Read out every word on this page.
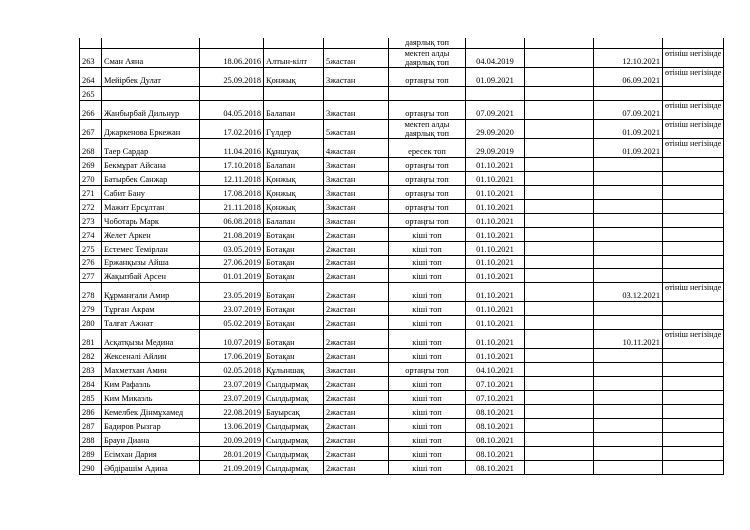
					даярлық топ				
263	Сман Аяна	18.06.2016	Алтын-кілт	5жастан	мектеп алды даярлық топ	04.04.2019		12.10.2021	өтініш негізінде
264	Мейірбек Дулат	25.09.2018	Қонжық	3жастан	ортаңғы топ	01.09.2021		06.09.2021	өтініш негізінде
265									
266	Жанбырбай Дильнур	04.05.2018	Балапан	3жастан	ортаңғы топ	07.09.2021		07.09.2021	өтініш негізінде
267	Джаркенова Еркежан	17.02.2016	Гүлдер	5жастан	мектеп алды даярлық топ	29.09.2020		01.09.2021	өтініш негізінде
268	Таер Сардар	11.04.2016	Құншуақ	4жастан	ересек топ	29.09.2019		01.09.2021	өтініш негізінде
269	Бекмұрат Айсана	17.10.2018	Балапан	3жастан	ортаңғы топ	01.10.2021			
270	Батырбек Санжар	12.11.2018	Қонжық	3жастан	ортаңғы топ	01.10.2021			
271	Сабит Бану	17.08.2018	Қонжық	3жастан	ортаңғы топ	01.10.2021			
272	Мажит Ерсұлтан	21.11.2018	Қонжық	3жастан	ортаңғы топ	01.10.2021			
273	Чоботарь Марк	06.08.2018	Балапан	3жастан	ортаңғы топ	01.10.2021			
274	Желет Аркен	21.08.2019	Ботақан	2жастан	кіші топ	01.10.2021			
275	Естемес Темірлан	03.05.2019	Ботақан	2жастан	кіші топ	01.10.2021			
276	Ержанқызы Айша	27.06.2019	Ботақан	2жастан	кіші топ	01.10.2021			
277	Жақыпбай Арсен	01.01.2019	Ботақан	2жастан	кіші топ	01.10.2021			
278	Құрманғали Амир	23.05.2019	Ботақан	2жастан	кіші топ	01.10.2021		03.12.2021	өтініш негізінде
279	Тұрған Акрам	23.07.2019	Ботақан	2жастан	кіші топ	01.10.2021			
280	Талғат Ажнат	05.02.2019	Ботақан	2жастан	кіші топ	01.10.2021			
281	Асқатқызы Медина	10.07.2019	Ботақан	2жастан	кіші топ	01.10.2021		10.11.2021	өтініш негізінде
282	Жексенәлі Айлин	17.06.2019	Ботақан	2жастан	кіші топ	01.10.2021			
283	Махметхан Амин	02.05.2018	Құлыншақ	3жастан	ортаңғы топ	04.10.2021			
284	Ким Рафаэль	23.07.2019	Сылдырмақ	2жастан	кіші топ	07.10.2021			
285	Ким Микаэль	23.07.2019	Сылдырмақ	2жастан	кіші топ	07.10.2021			
286	Кемелбек Дінмұхамед	22.08.2019	Бауырсақ	2жастан	кіші топ	08.10.2021			
287	Бадиров Рызгар	13.06.2019	Сылдырмақ	2жастан	кіші топ	08.10.2021			
288	Браун Диана	20.09.2019	Сылдырмақ	2жастан	кіші топ	08.10.2021			
289	Есімхан Дария	28.01.2019	Сылдырмақ	2жастан	кіші топ	08.10.2021			
290	Әбдірашім Адина	21.09.2019	Сылдырмақ	2жастан	кіші топ	08.10.2021			
